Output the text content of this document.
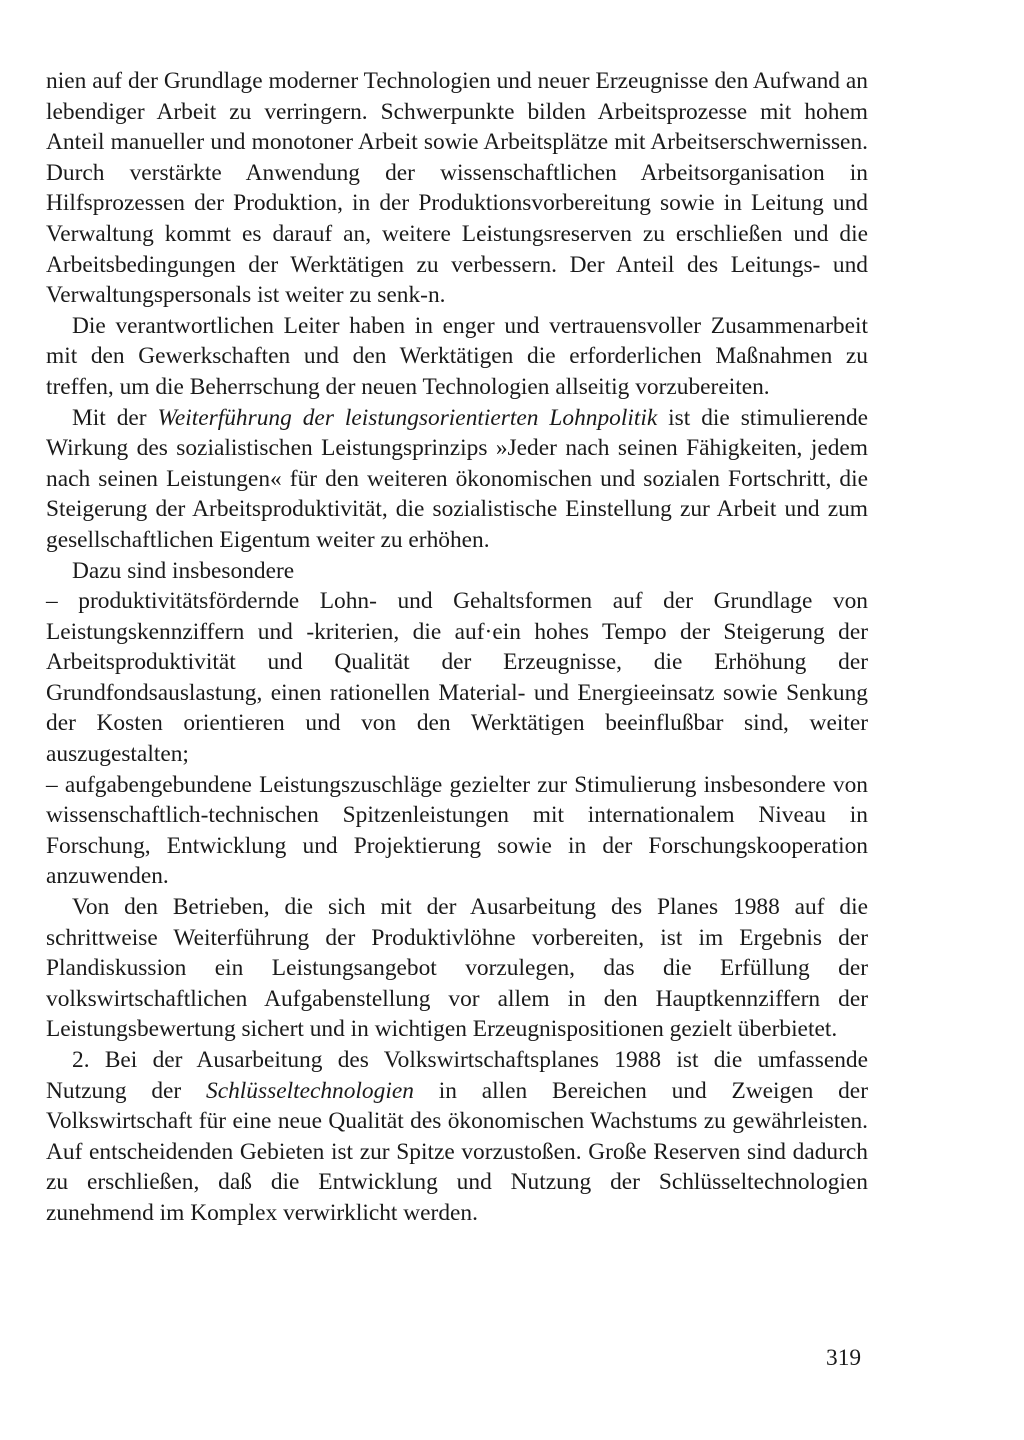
nien auf der Grundlage moderner Technologien und neuer Erzeugnisse den Aufwand an lebendiger Arbeit zu verringern. Schwerpunkte bilden Arbeitsprozesse mit hohem Anteil manueller und monotoner Arbeit sowie Arbeitsplätze mit Arbeitserschwernissen. Durch verstärkte Anwendung der wissenschaftlichen Arbeitsorganisation in Hilfsprozessen der Produktion, in der Produktionsvorbereitung sowie in Leitung und Verwaltung kommt es darauf an, weitere Leistungsreserven zu erschließen und die Arbeitsbedingungen der Werktätigen zu verbessern. Der Anteil des Leitungs- und Verwaltungspersonals ist weiter zu senk-n.

Die verantwortlichen Leiter haben in enger und vertrauensvoller Zusammenarbeit mit den Gewerkschaften und den Werktätigen die erforderlichen Maßnahmen zu treffen, um die Beherrschung der neuen Technologien allseitig vorzubereiten.

Mit der Weiterführung der leistungsorientierten Lohnpolitik ist die stimulierende Wirkung des sozialistischen Leistungsprinzips »Jeder nach seinen Fähigkeiten, jedem nach seinen Leistungen« für den weiteren ökonomischen und sozialen Fortschritt, die Steigerung der Arbeitsproduktivität, die sozialistische Einstellung zur Arbeit und zum gesellschaftlichen Eigentum weiter zu erhöhen.

Dazu sind insbesondere

– produktivitätsfördernde Lohn- und Gehaltsformen auf der Grundlage von Leistungskennziffern und -kriterien, die auf·ein hohes Tempo der Steigerung der Arbeitsproduktivität und Qualität der Erzeugnisse, die Erhöhung der Grundfondsauslastung, einen rationellen Material- und Energieeinsatz sowie Senkung der Kosten orientieren und von den Werktätigen beeinflußbar sind, weiter auszugestalten;

– aufgabengebundene Leistungszuschläge gezielter zur Stimulierung insbesondere von wissenschaftlich-technischen Spitzenleistungen mit internationalem Niveau in Forschung, Entwicklung und Projektierung sowie in der Forschungskooperation anzuwenden.

Von den Betrieben, die sich mit der Ausarbeitung des Planes 1988 auf die schrittweise Weiterführung der Produktivlöhne vorbereiten, ist im Ergebnis der Plandiskussion ein Leistungsangebot vorzulegen, das die Erfüllung der volkswirtschaftlichen Aufgabenstellung vor allem in den Hauptkennziffern der Leistungsbewertung sichert und in wichtigen Erzeugnispositionen gezielt überbietet.

2. Bei der Ausarbeitung des Volkswirtschaftsplanes 1988 ist die umfassende Nutzung der Schlüsseltechnologien in allen Bereichen und Zweigen der Volkswirtschaft für eine neue Qualität des ökonomischen Wachstums zu gewährleisten. Auf entscheidenden Gebieten ist zur Spitze vorzustoßen. Große Reserven sind dadurch zu erschließen, daß die Entwicklung und Nutzung der Schlüsseltechnologien zunehmend im Komplex verwirklicht werden.

319
